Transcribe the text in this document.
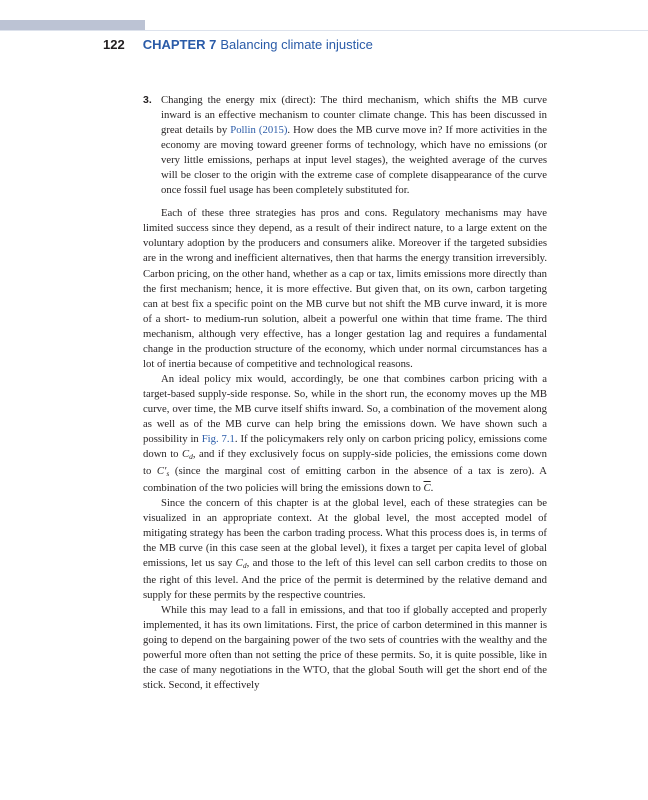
122 CHAPTER 7 Balancing climate injustice

3. Changing the energy mix (direct): The third mechanism, which shifts the MB curve inward is an effective mechanism to counter climate change. This has been discussed in great details by Pollin (2015). How does the MB curve move in? If more activities in the economy are moving toward greener forms of technology, which have no emissions (or very little emissions, perhaps at input level stages), the weighted average of the curves will be closer to the origin with the extreme case of complete disappearance of the curve once fossil fuel usage has been completely substituted for.

Each of these three strategies has pros and cons. Regulatory mechanisms may have limited success since they depend, as a result of their indirect nature, to a large extent on the voluntary adoption by the producers and consumers alike. Moreover if the targeted subsidies are in the wrong and inefficient alternatives, then that harms the energy transition irreversibly. Carbon pricing, on the other hand, whether as a cap or tax, limits emissions more directly than the first mechanism; hence, it is more effective. But given that, on its own, carbon targeting can at best fix a specific point on the MB curve but not shift the MB curve inward, it is more of a short- to medium-run solution, albeit a powerful one within that time frame. The third mechanism, although very effective, has a longer gestation lag and requires a fundamental change in the production structure of the economy, which under normal circumstances has a lot of inertia because of competitive and technological reasons.

An ideal policy mix would, accordingly, be one that combines carbon pricing with a target-based supply-side response. So, while in the short run, the economy moves up the MB curve, over time, the MB curve itself shifts inward. So, a combination of the movement along as well as of the MB curve can help bring the emissions down. We have shown such a possibility in Fig. 7.1. If the policymakers rely only on carbon pricing policy, emissions come down to $C_d$, and if they exclusively focus on supply-side policies, the emissions come down to $C'_s$ (since the marginal cost of emitting carbon in the absence of a tax is zero). A combination of the two policies will bring the emissions down to $\overline{C}$.

Since the concern of this chapter is at the global level, each of these strategies can be visualized in an appropriate context. At the global level, the most accepted model of mitigating strategy has been the carbon trading process. What this process does is, in terms of the MB curve (in this case seen at the global level), it fixes a target per capita level of global emissions, let us say $C_d$, and those to the left of this level can sell carbon credits to those on the right of this level. And the price of the permit is determined by the relative demand and supply for these permits by the respective countries.

While this may lead to a fall in emissions, and that too if globally accepted and properly implemented, it has its own limitations. First, the price of carbon determined in this manner is going to depend on the bargaining power of the two sets of countries with the wealthy and the powerful more often than not setting the price of these permits. So, it is quite possible, like in the case of many negotiations in the WTO, that the global South will get the short end of the stick. Second, it effectively
